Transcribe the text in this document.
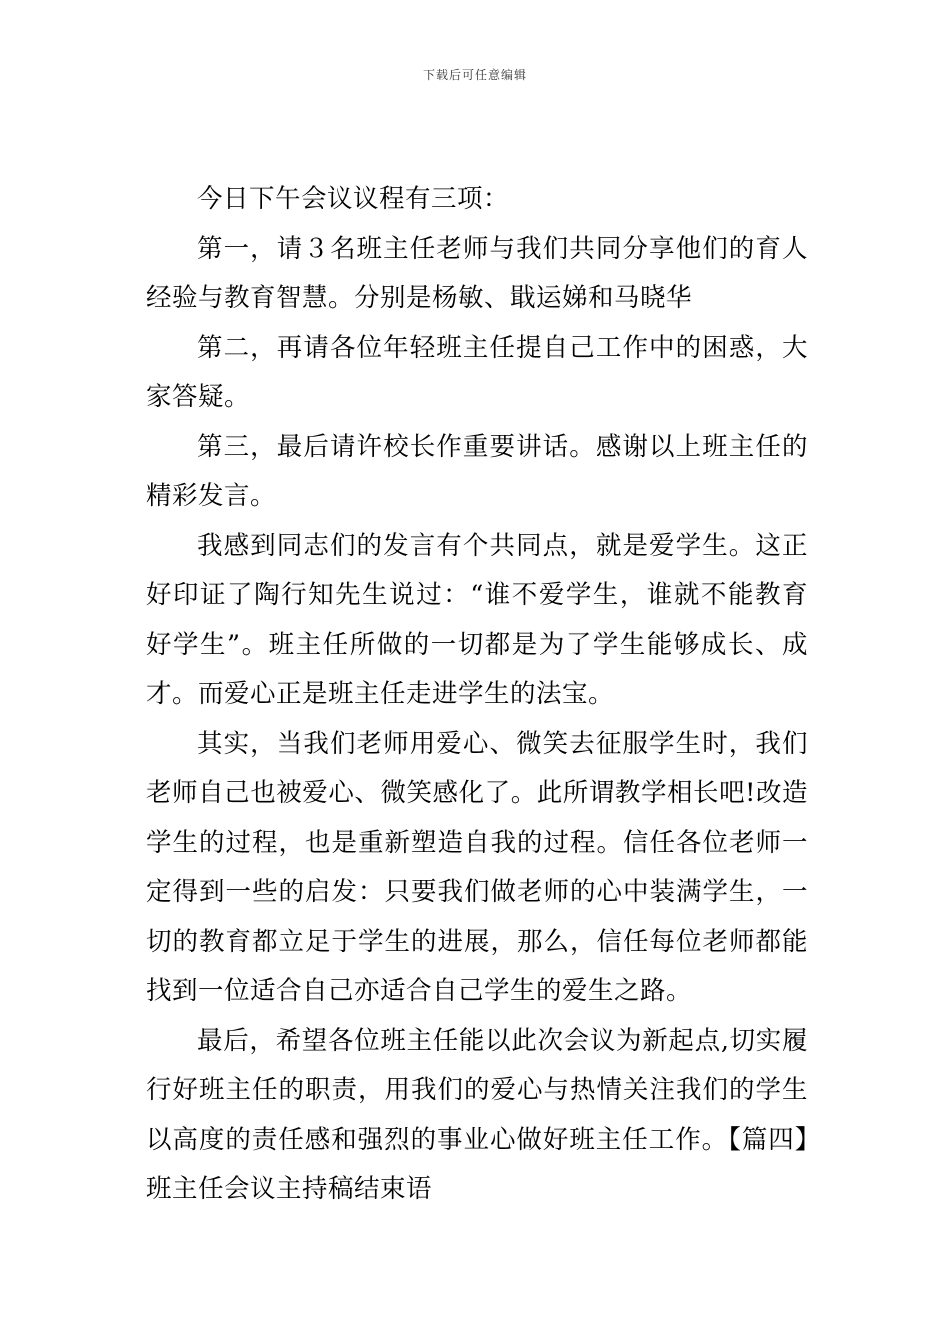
下载后可任意编辑

今日下午会议议程有三项：

第一，请３名班主任老师与我们共同分享他们的育人经验与教育智慧。分别是杨敏、戢运娣和马晓华

第二，再请各位年轻班主任提自己工作中的困惑，大家答疑。

第三，最后请许校长作重要讲话。感谢以上班主任的精彩发言。

我感到同志们的发言有个共同点，就是爱学生。这正好印证了陶行知先生说过：“谁不爱学生，谁就不能教育好学生”。班主任所做的一切都是为了学生能够成长、成才。而爱心正是班主任走进学生的法宝。

其实，当我们老师用爱心、微笑去征服学生时，我们老师自己也被爱心、微笑感化了。此所谓教学相长吧!改造学生的过程，也是重新塑造自我的过程。信任各位老师一定得到一些的启发：只要我们做老师的心中装满学生，一切的教育都立足于学生的进展，那么，信任每位老师都能找到一位适合自己亦适合自己学生的爱生之路。

最后，希望各位班主任能以此次会议为新起点,切实履行好班主任的职责，用我们的爱心与热情关注我们的学生以高度的责任感和强烈的事业心做好班主任工作。【篇四】班主任会议主持稿结束语
